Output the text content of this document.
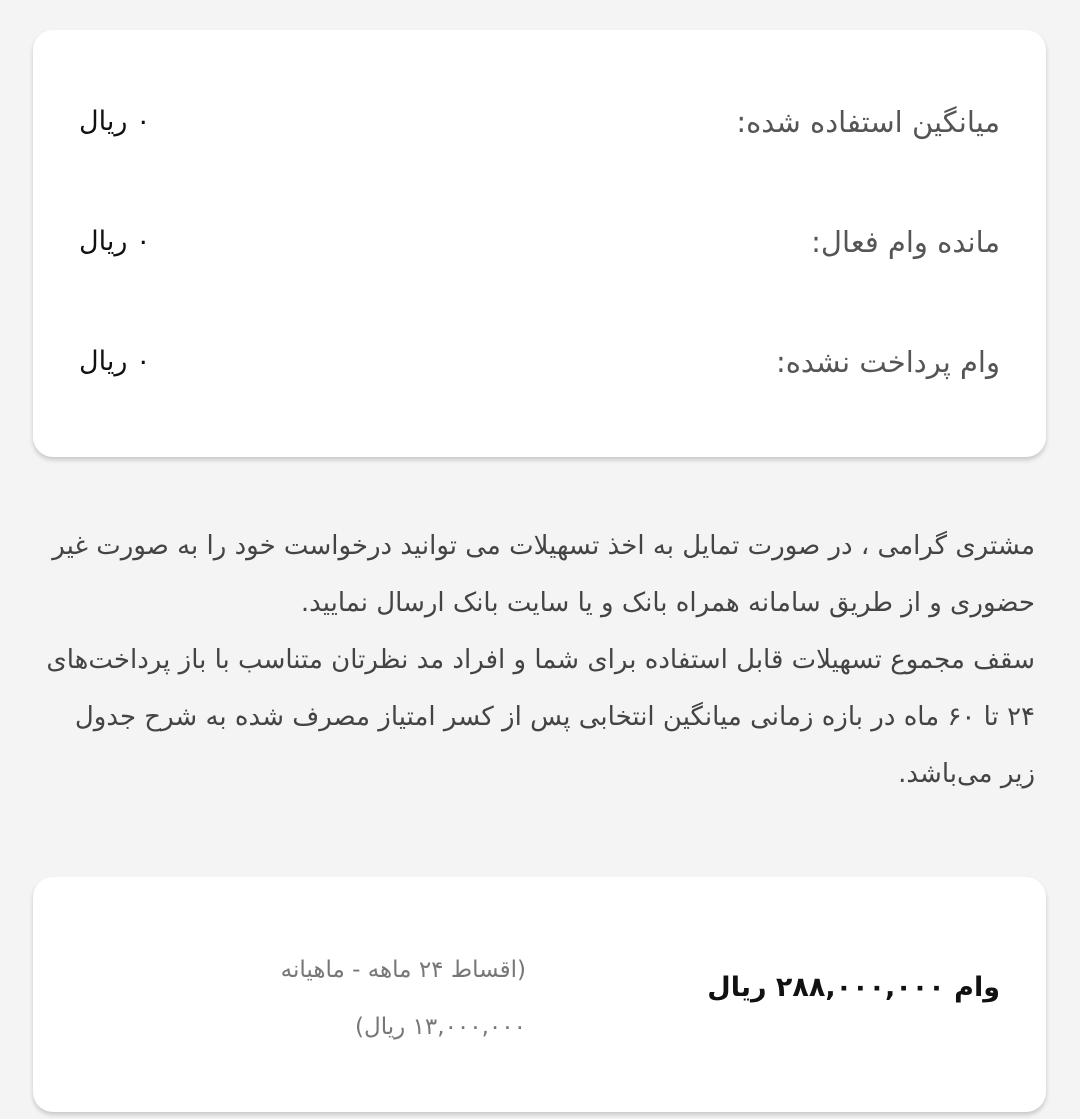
میانگین استفاده شده:
۰ ریال
مانده وام فعال:
۰ ریال
وام پرداخت نشده:
۰ ریال
مشتری گرامی ، در صورت تمایل به اخذ تسهیلات می توانید درخواست خود را به صورت غیر حضوری و از طریق سامانه همراه بانک و یا سایت بانک ارسال نمایید.
سقف مجموع تسهیلات قابل استفاده برای شما و افراد مد نظرتان متناسب با باز پرداخت‌های ۲۴ تا ۶۰ ماه در بازه زمانی میانگین انتخابی پس از کسر امتیاز مصرف شده به شرح جدول زیر می‌باشد.
وام ۲۸۸,۰۰۰,۰۰۰ ریال
(اقساط ۲۴ ماهه - ماهیانه ۱۳,۰۰۰,۰۰۰ ریال)
